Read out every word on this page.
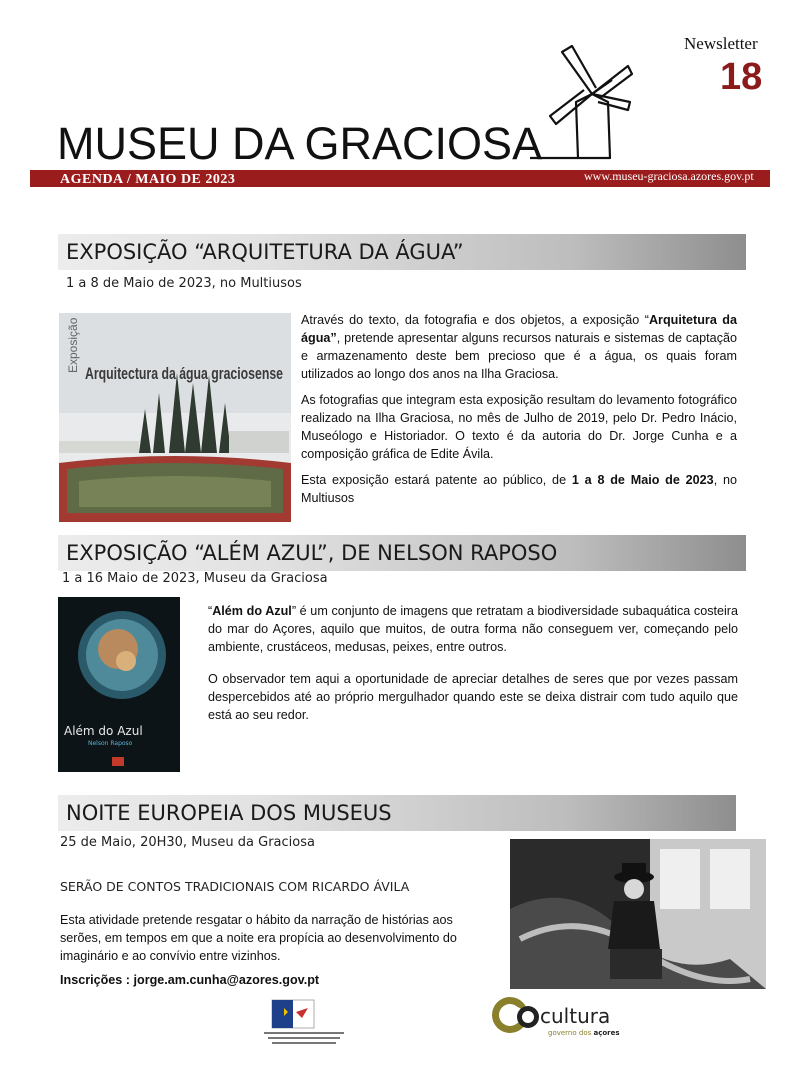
Newsletter
18
MUSEU DA GRACIOSA
AGENDA / MAIO DE 2023	www.museu-graciosa.azores.gov.pt
EXPOSIÇÃO “ARQUITETURA DA ÁGUA”
1 a 8 de Maio de 2023, no Multiusos
Exposição
Arquitectura da água graciosense

Através do texto, da fotografia e dos objetos, a exposição “Arquitetura da água”, pretende apresentar alguns recursos naturais e sistemas de captação e armazenamento deste bem precioso que é a água, os quais foram utilizados ao longo dos anos na Ilha Graciosa.

As fotografias que integram esta exposição resultam do levamento fotográfico realizado na Ilha Graciosa, no mês de Julho de 2019, pelo Dr. Pedro Inácio, Museólogo e Historiador. O texto é da autoria do Dr. Jorge Cunha e a composição gráfica de Edite Ávila.

Esta exposição estará patente ao público, de 1 a 8 de Maio de 2023, no Multiusos

EXPOSIÇÃO “ALÉM AZUL”, DE NELSON RAPOSO
1 a 16 Maio de 2023, Museu da Graciosa
Além do Azul
Nelson Raposo

“Além do Azul” é um conjunto de imagens que retratam a biodiversidade subaquática costeira do mar do Açores, aquilo que muitos, de outra forma não conseguem ver, começando pelo ambiente, crustáceos, medusas, peixes, entre outros.

O observador tem aqui a oportunidade de apreciar detalhes de seres que por vezes passam despercebidos até ao próprio mergulhador quando este se deixa distrair com tudo aquilo que está ao seu redor.

NOITE EUROPEIA DOS MUSEUS
25 de Maio, 20H30, Museu da Graciosa
SERÃO DE CONTOS TRADICIONAIS COM RICARDO ÁVILA
Esta atividade pretende resgatar o hábito da narração de histórias aos serões, em tempos em que a noite era propícia ao desenvolvimento do imaginário e ao convívio entre vizinhos.
Inscrições : jorge.am.cunha@azores.gov.pt
cultura
governo dos açores
